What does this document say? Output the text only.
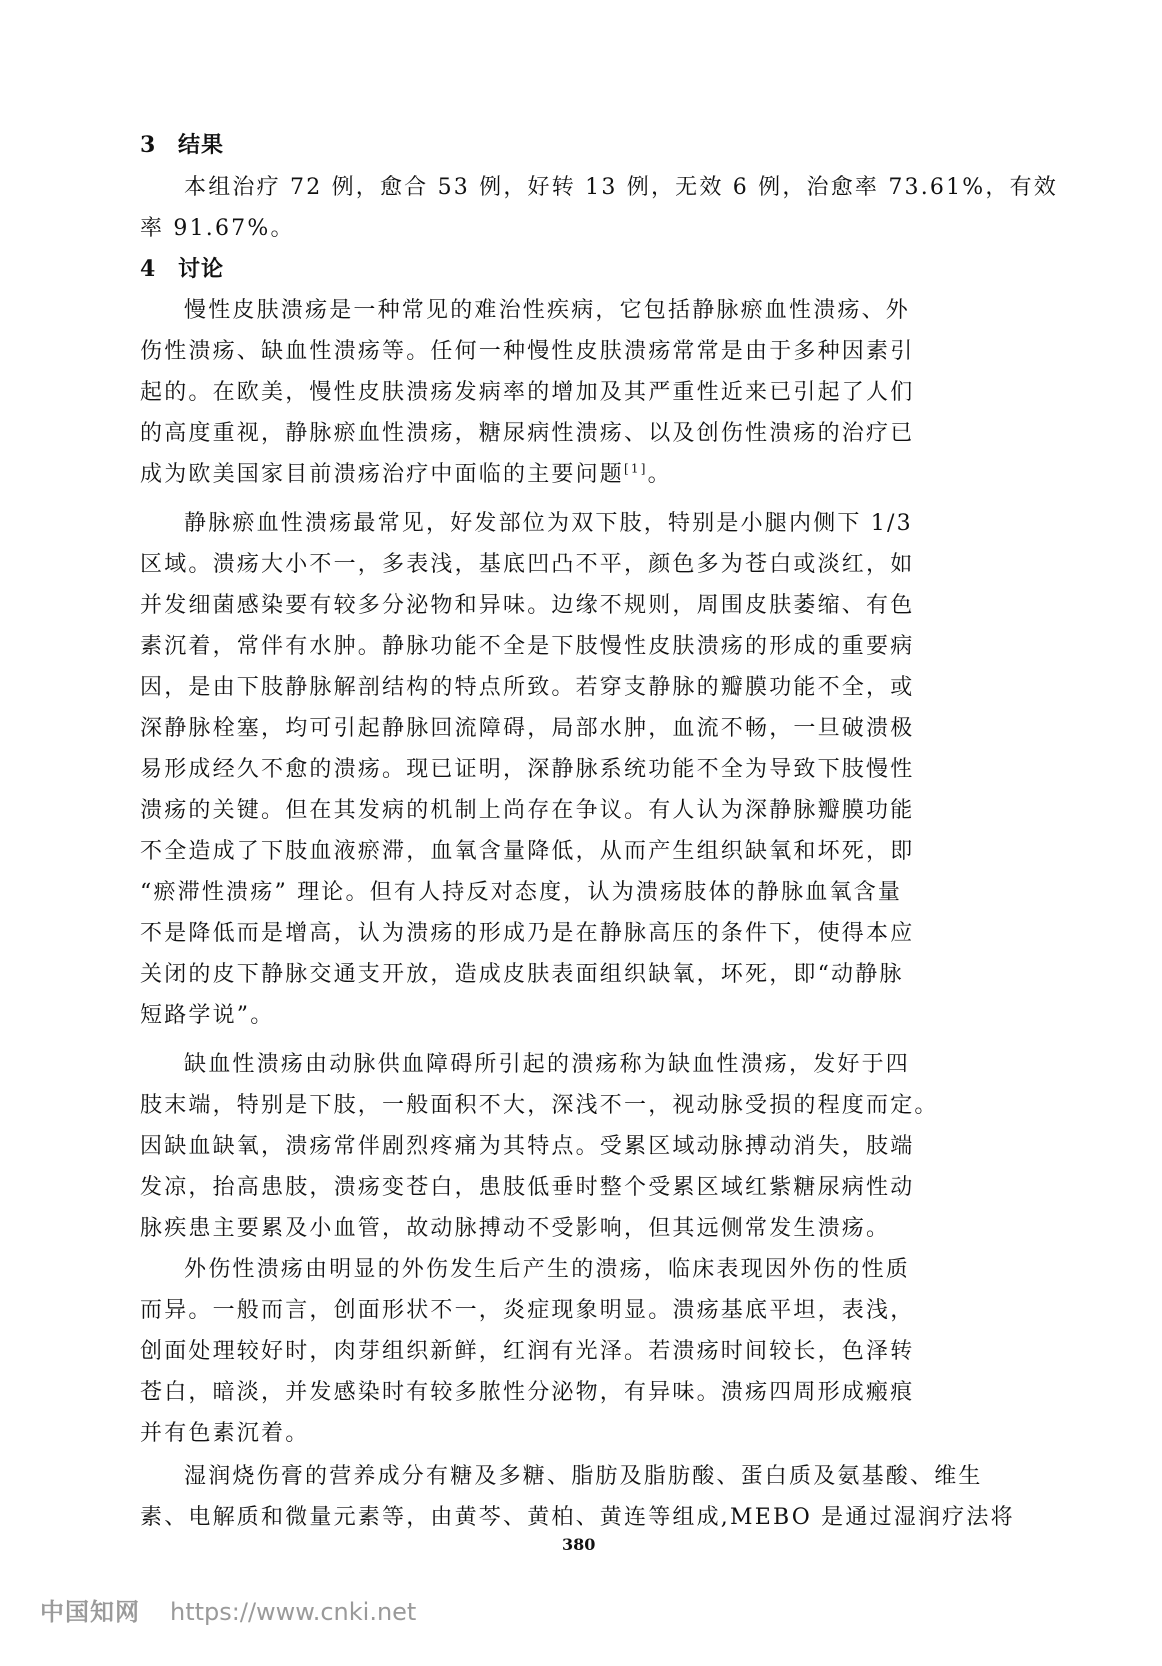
3 结果
本组治疗 72 例，愈合 53 例，好转 13 例，无效 6 例，治愈率 73.61%，有效
率 91.67%。
4 讨论
慢性皮肤溃疡是一种常见的难治性疾病，它包括静脉瘀血性溃疡、外
伤性溃疡、缺血性溃疡等。任何一种慢性皮肤溃疡常常是由于多种因素引
起的。在欧美，慢性皮肤溃疡发病率的增加及其严重性近来已引起了人们
的高度重视，静脉瘀血性溃疡，糖尿病性溃疡、以及创伤性溃疡的治疗已
成为欧美国家目前溃疡治疗中面临的主要问题[1]。
静脉瘀血性溃疡最常见，好发部位为双下肢，特别是小腿内侧下 1/3
区域。溃疡大小不一，多表浅，基底凹凸不平，颜色多为苍白或淡红，如
并发细菌感染要有较多分泌物和异味。边缘不规则，周围皮肤萎缩、有色
素沉着，常伴有水肿。静脉功能不全是下肢慢性皮肤溃疡的形成的重要病
因，是由下肢静脉解剖结构的特点所致。若穿支静脉的瓣膜功能不全，或
深静脉栓塞，均可引起静脉回流障碍，局部水肿，血流不畅，一旦破溃极
易形成经久不愈的溃疡。现已证明，深静脉系统功能不全为导致下肢慢性
溃疡的关键。但在其发病的机制上尚存在争议。有人认为深静脉瓣膜功能
不全造成了下肢血液瘀滞，血氧含量降低，从而产生组织缺氧和坏死，即
“瘀滞性溃疡” 理论。但有人持反对态度，认为溃疡肢体的静脉血氧含量
不是降低而是增高，认为溃疡的形成乃是在静脉高压的条件下，使得本应
关闭的皮下静脉交通支开放，造成皮肤表面组织缺氧，坏死，即“动静脉
短路学说”。
缺血性溃疡由动脉供血障碍所引起的溃疡称为缺血性溃疡，发好于四
肢末端，特别是下肢，一般面积不大，深浅不一，视动脉受损的程度而定。
因缺血缺氧，溃疡常伴剧烈疼痛为其特点。受累区域动脉搏动消失，肢端
发凉，抬高患肢，溃疡变苍白，患肢低垂时整个受累区域红紫糖尿病性动
脉疾患主要累及小血管，故动脉搏动不受影响，但其远侧常发生溃疡。
外伤性溃疡由明显的外伤发生后产生的溃疡，临床表现因外伤的性质
而异。一般而言，创面形状不一，炎症现象明显。溃疡基底平坦，表浅，
创面处理较好时，肉芽组织新鲜，红润有光泽。若溃疡时间较长，色泽转
苍白，暗淡，并发感染时有较多脓性分泌物，有异味。溃疡四周形成瘢痕
并有色素沉着。
湿润烧伤膏的营养成分有糖及多糖、脂肪及脂肪酸、蛋白质及氨基酸、维生
素、电解质和微量元素等，由黄芩、黄柏、黄连等组成,MEBO 是通过湿润疗法将
380
中国知网 https://www.cnki.net
